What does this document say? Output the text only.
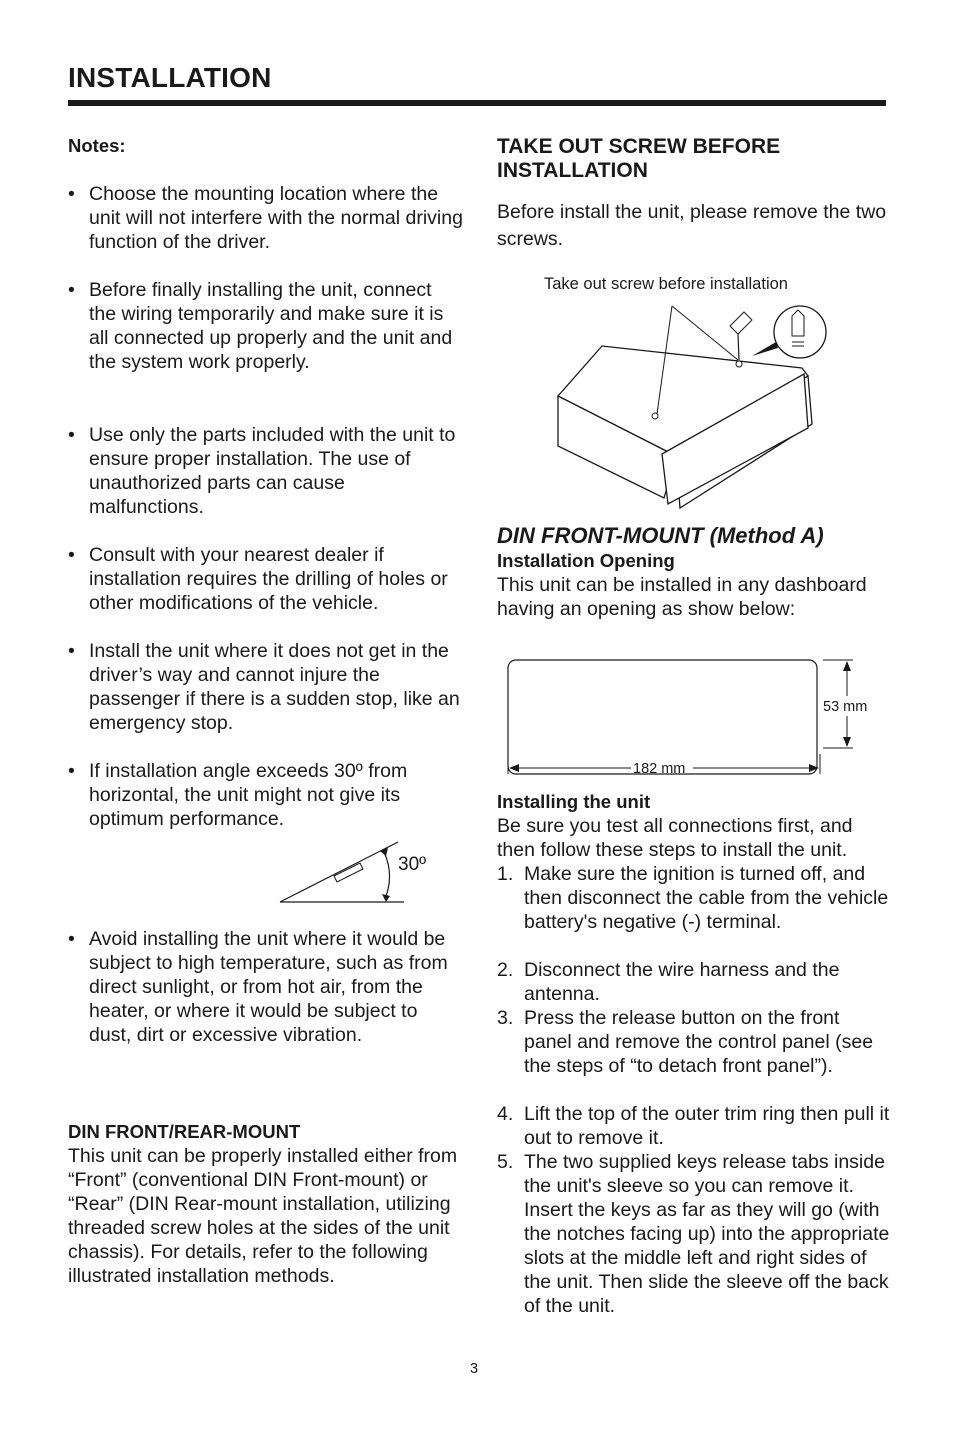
INSTALLATION

Notes:

• Choose the mounting location where the unit will not interfere with the normal driving function of the driver.
• Before finally installing the unit, connect the wiring temporarily and make sure it is all connected up properly and the unit and the system work properly.
• Use only the parts included with the unit to ensure proper installation. The use of unauthorized parts can cause malfunctions.
• Consult with your nearest dealer if installation requires the drilling of holes or other modifications of the vehicle.
• Install the unit where it does not get in the driver’s way and cannot injure the passenger if there is a sudden stop, like an emergency stop.
• If installation angle exceeds 30º from horizontal, the unit might not give its optimum performance.
30º
• Avoid installing the unit where it would be subject to high temperature, such as from direct sunlight, or from hot air, from the heater, or where it would be subject to dust, dirt or excessive vibration.

DIN FRONT/REAR-MOUNT

This unit can be properly installed either from “Front” (conventional DIN Front-mount) or “Rear” (DIN Rear-mount installation, utilizing threaded screw holes at the sides of the unit chassis). For details, refer to the following illustrated installation methods.

TAKE OUT SCREW BEFORE INSTALLATION

Before install the unit, please remove the two screws.

Take out screw before installation

DIN FRONT-MOUNT (Method A)

Installation Opening

This unit can be installed in any dashboard having an opening as show below:

53 mm
182 mm

Installing the unit

Be sure you test all connections first, and then follow these steps to install the unit.

1. Make sure the ignition is turned off, and then disconnect the cable from the vehicle battery's negative (-) terminal.
2. Disconnect the wire harness and the antenna.
3. Press the release button on the front panel and remove the control panel (see the steps of “to detach front panel”).
4. Lift the top of the outer trim ring then pull it out to remove it.
5. The two supplied keys release tabs inside the unit's sleeve so you can remove it. Insert the keys as far as they will go (with the notches facing up) into the appropriate slots at the middle left and right sides of the unit. Then slide the sleeve off the back of the unit.
3
